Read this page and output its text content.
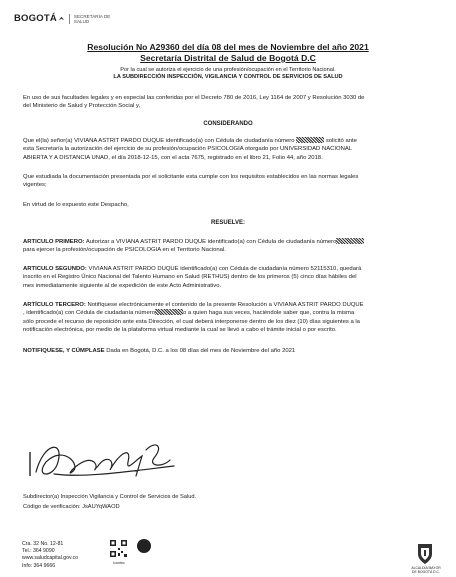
BOGOTÁ	SECRETARÍA DE
SALUD
Resolución No A29360 del día 08 del mes de Noviembre del año 2021
Secretaría Distrital de Salud de Bogotá D.C
Por la cual se autoriza el ejercicio de una profesión/ocupación en el Territorio Nacional.
LA SUBDIRECCIÓN INSPECCIÓN, VIGILANCIA Y CONTROL DE SERVICIOS DE SALUD
En uso de sus facultades legales y en especial las conferidas por el Decreto 780 de 2016, Ley 1164 de 2007 y Resolución 3030 de
del Ministerio de Salud y Protección Social y,
CONSIDERANDO
Que el(la) señor(a) VIVIANA ASTRIT PARDO DUQUE identificado(a) con Cédula de ciudadanía número	solicitó ante
esta Secretaría la autorización del ejercicio de su profesión/ocupación PSICOLOGIA otorgado por UNIVERSIDAD NACIONAL
ABIERTA Y A DISTANCIA UNAD, el día 2018-12-15, con el acta 7675, registrado en el libro 21, Folio 44, año 2018.
Que estudiada la documentación presentada por el solicitante esta cumple con los requisitos establecidos en las normas legales
vigentes;
En virtud de lo expuesto este Despacho,
RESUELVE:
ARTICULO PRIMERO: Autorizar a VIVIANA ASTRIT PARDO DUQUE identificado(a) con Cédula de ciudadanía número
para ejercer la profesión/ocupación de PSICOLOGIA en el Territorio Nacional.
ARTICULO SEGUNDO: VIVIANA ASTRIT PARDO DUQUE identificado(a) con Cédula de ciudadanía número 52115310, quedará
inscrito en el Registro Único Nacional del Talento Humano en Salud (RETHUS) dentro de los primeros (5) cinco días hábiles del
mes inmediatamente siguiente al de expedición de este Acto Administrativo.
ARTÍCULO TERCERO: Notifíquese electrónicamente el contenido de la presente Resolución a VIVIANA ASTRIT PARDO DUQUE
, identificado(a) con Cédula de ciudadanía número	o a quien haga sus veces, haciéndole saber que, contra la misma
sólo procede el recurso de reposición ante esta Dirección, el cual deberá interponerse dentro de los diez (10) días siguientes a la
notificación electrónica, por medio de la plataforma virtual mediante la cual se llevó a cabo el trámite inicial o por escrito.
NOTIFIQUESE, Y CÚMPLASE Dada en Bogotá, D.C. a los 08 días del mes de Noviembre del año 2021
Subdirector(a) Inspección Vigilancia y Control de Servicios de Salud.
Código de verificación: JsAUYqWAOD
Cra. 32 No. 12-81
Tel.: 364 9090
www.saludcapital.gov.co
Info: 364 9666	Icontec
ALCALDÍA MAYOR
DE BOGOTÁ D.C.
